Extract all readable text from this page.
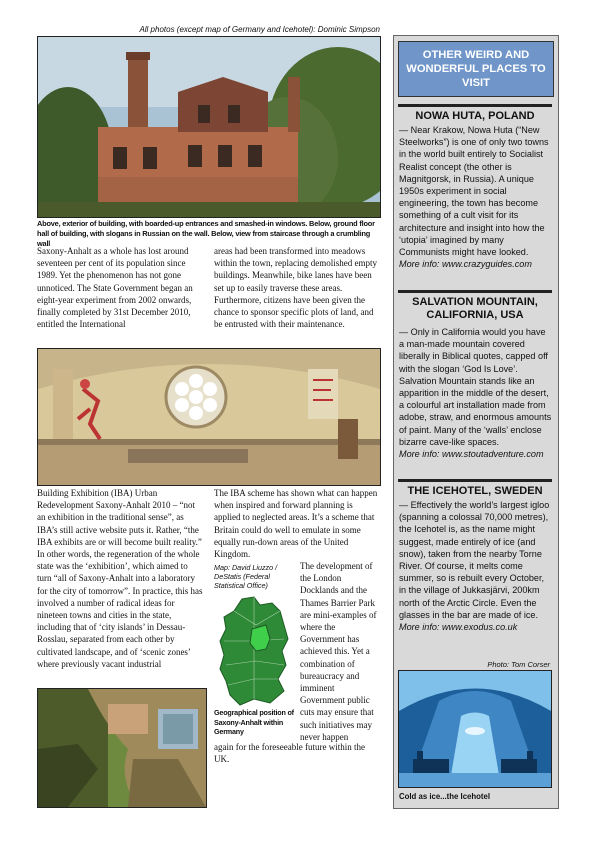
All photos (except map of Germany and Icehotel): Dominic Simpson
Above, exterior of building, with boarded-up entrances and smashed-in windows. Below, ground floor hall of building, with slogans in Russian on the wall. Below, view from staircase through a crumbling wall
Saxony-Anhalt as a whole has lost around seventeen per cent of its population since 1989. Yet the phenomenon has not gone unnoticed. The State Government began an eight-year experiment from 2002 onwards, finally completed by 31st December 2010, entitled the International
areas had been transformed into meadows within the town, replacing demolished empty buildings. Meanwhile, bike lanes have been set up to easily traverse these areas. Furthermore, citizens have been given the chance to sponsor specific plots of land, and be entrusted with their maintenance.
Building Exhibition (IBA) Urban Redevelopment Saxony-Anhalt 2010 – “not an exhibition in the traditional sense”, as IBA’s still active website puts it. Rather, “the IBA exhibits are or will become built reality.” In other words, the regeneration of the whole state was the ‘exhibition’, which aimed to turn “all of Saxony-Anhalt into a laboratory for the city of tomorrow”. In practice, this has involved a number of radical ideas for nineteen towns and cities in the state, including that of ‘city islands’ in Dessau-Rosslau, separated from each other by cultivated landscape, and of ‘scenic zones’ where previously vacant industrial
The IBA scheme has shown what can happen when inspired and forward planning is applied to neglected areas. It’s a scheme that Britain could do well to emulate in some equally run-down areas of the United Kingdom.
Map: David Liuzzo / DeStatis (Federal Statistical Office)
Geographical position of Saxony-Anhalt within Germany
The development of the London Docklands and the Thames Barrier Park are mini-examples of where the Government has achieved this. Yet a combination of bureaucracy and imminent Government public cuts may ensure that such initiatives may never happen
again for the foreseeable future within the UK.
OTHER WEIRD AND WONDERFUL PLACES TO VISIT
NOWA HUTA, POLAND
— Near Krakow, Nowa Huta (“New Steelworks”) is one of only two towns in the world built entirely to Socialist Realist concept (the other is Magnitgorsk, in Russia). A unique 1950s experiment in social engineering, the town has become something of a cult visit for its architecture and insight into how the ‘utopia’ imagined by many Communists might have looked.
More info: www.crazyguides.com
SALVATION MOUNTAIN, CALIFORNIA, USA
— Only in California would you have a man-made mountain covered liberally in Biblical quotes, capped off with the slogan ‘God Is Love’. Salvation Mountain stands like an apparition in the middle of the desert, a colourful art installation made from adobe, straw, and enormous amounts of paint. Many of the ‘walls’ enclose bizarre cave-like spaces.
More info: www.stoutadventure.com
THE ICEHOTEL, SWEDEN
— Effectively the world’s largest igloo (spanning a colossal 70,000 metres), the Icehotel is, as the name might suggest, made entirely of ice (and snow), taken from the nearby Torne River. Of course, it melts come summer, so is rebuilt every October, in the village of Jukkasjärvi, 200km north of the Arctic Circle. Even the glasses in the bar are made of ice.
More info: www.exodus.co.uk
Photo: Tom Corser
Cold as ice...the Icehotel
